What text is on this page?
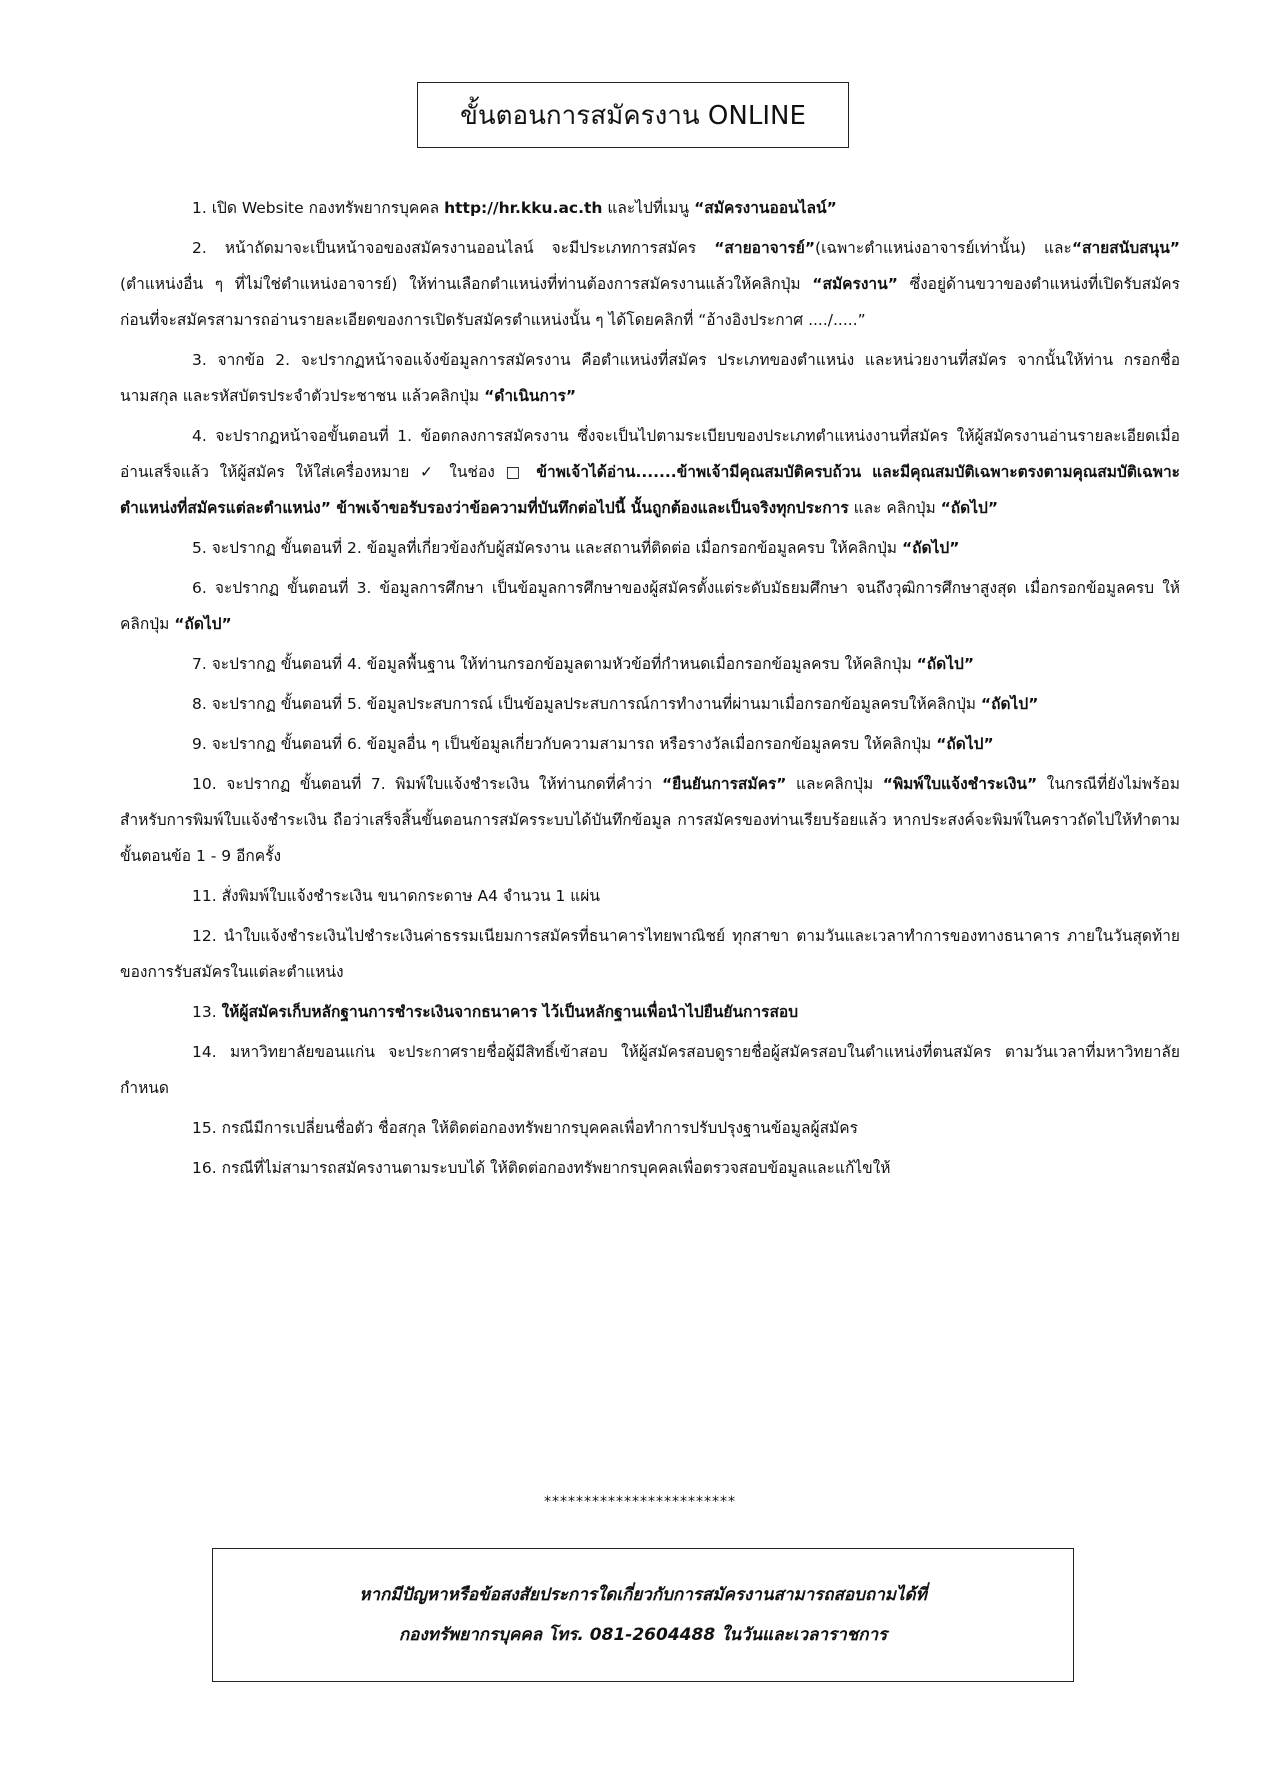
ขั้นตอนการสมัครงาน ONLINE

1. เปิด Website กองทรัพยากรบุคคล http://hr.kku.ac.th และไปที่เมนู “สมัครงานออนไลน์”

2. หน้าถัดมาจะเป็นหน้าจอของสมัครงานออนไลน์ จะมีประเภทการสมัคร “สายอาจารย์”(เฉพาะตำแหน่งอาจารย์เท่านั้น) และ“สายสนับสนุน” (ตำแหน่งอื่น ๆ ที่ไม่ใช่ตำแหน่งอาจารย์) ให้ท่านเลือกตำแหน่งที่ท่านต้องการสมัครงานแล้วให้คลิกปุ่ม “สมัครงาน” ซึ่งอยู่ด้านขวาของตำแหน่งที่เปิดรับสมัคร ก่อนที่จะสมัครสามารถอ่านรายละเอียดของการเปิดรับสมัครตำแหน่งนั้น ๆ ได้โดยคลิกที่ “อ้างอิงประกาศ ..../.....”

3. จากข้อ 2. จะปรากฏหน้าจอแจ้งข้อมูลการสมัครงาน คือตำแหน่งที่สมัคร ประเภทของตำแหน่ง และหน่วยงานที่สมัคร จากนั้นให้ท่าน กรอกชื่อ นามสกุล และรหัสบัตรประจำตัวประชาชน แล้วคลิกปุ่ม “ดำเนินการ”

4. จะปรากฏหน้าจอขั้นตอนที่ 1. ข้อตกลงการสมัครงาน ซึ่งจะเป็นไปตามระเบียบของประเภทตำแหน่งงานที่สมัคร ให้ผู้สมัครงานอ่านรายละเอียดเมื่ออ่านเสร็จแล้ว ให้ผู้สมัคร ให้ใส่เครื่องหมาย ✓ ในช่อง □ ข้าพเจ้าได้อ่าน.......ข้าพเจ้ามีคุณสมบัติครบถ้วน และมีคุณสมบัติเฉพาะตรงตามคุณสมบัติเฉพาะตำแหน่งที่สมัครแต่ละตำแหน่ง” ข้าพเจ้าขอรับรองว่าข้อความที่บันทึกต่อไปนี้ นั้นถูกต้องและเป็นจริงทุกประการ และ คลิกปุ่ม “ถัดไป”

5. จะปรากฏ ขั้นตอนที่ 2. ข้อมูลที่เกี่ยวข้องกับผู้สมัครงาน และสถานที่ติดต่อ เมื่อกรอกข้อมูลครบ ให้คลิกปุ่ม “ถัดไป”

6. จะปรากฏ ขั้นตอนที่ 3. ข้อมูลการศึกษา เป็นข้อมูลการศึกษาของผู้สมัครตั้งแต่ระดับมัธยมศึกษา จนถึงวุฒิการศึกษาสูงสุด เมื่อกรอกข้อมูลครบ ให้คลิกปุ่ม “ถัดไป”

7. จะปรากฏ ขั้นตอนที่ 4. ข้อมูลพื้นฐาน ให้ท่านกรอกข้อมูลตามหัวข้อที่กำหนดเมื่อกรอกข้อมูลครบ ให้คลิกปุ่ม “ถัดไป”

8. จะปรากฏ ขั้นตอนที่ 5. ข้อมูลประสบการณ์ เป็นข้อมูลประสบการณ์การทำงานที่ผ่านมาเมื่อกรอกข้อมูลครบให้คลิกปุ่ม “ถัดไป”

9. จะปรากฏ ขั้นตอนที่ 6. ข้อมูลอื่น ๆ เป็นข้อมูลเกี่ยวกับความสามารถ หรือรางวัลเมื่อกรอกข้อมูลครบ ให้คลิกปุ่ม “ถัดไป”

10. จะปรากฏ ขั้นตอนที่ 7. พิมพ์ใบแจ้งชำระเงิน ให้ท่านกดที่คำว่า “ยืนยันการสมัคร” และคลิกปุ่ม “พิมพ์ใบแจ้งชำระเงิน” ในกรณีที่ยังไม่พร้อมสำหรับการพิมพ์ใบแจ้งชำระเงิน ถือว่าเสร็จสิ้นขั้นตอนการสมัครระบบได้บันทึกข้อมูล การสมัครของท่านเรียบร้อยแล้ว หากประสงค์จะพิมพ์ในคราวถัดไปให้ทำตามขั้นตอนข้อ 1 - 9 อีกครั้ง

11. สั่งพิมพ์ใบแจ้งชำระเงิน ขนาดกระดาษ A4 จำนวน 1 แผ่น

12. นำใบแจ้งชำระเงินไปชำระเงินค่าธรรมเนียมการสมัครที่ธนาคารไทยพาณิชย์ ทุกสาขา ตามวันและเวลาทำการของทางธนาคาร ภายในวันสุดท้ายของการรับสมัครในแต่ละตำแหน่ง

13. ให้ผู้สมัครเก็บหลักฐานการชำระเงินจากธนาคาร ไว้เป็นหลักฐานเพื่อนำไปยืนยันการสอบ

14. มหาวิทยาลัยขอนแก่น จะประกาศรายชื่อผู้มีสิทธิ์เข้าสอบ ให้ผู้สมัครสอบดูรายชื่อผู้สมัครสอบในตำแหน่งที่ตนสมัคร ตามวันเวลาที่มหาวิทยาลัยกำหนด

15. กรณีมีการเปลี่ยนชื่อตัว ชื่อสกุล ให้ติดต่อกองทรัพยากรบุคคลเพื่อทำการปรับปรุงฐานข้อมูลผู้สมัคร

16. กรณีที่ไม่สามารถสมัครงานตามระบบได้ ให้ติดต่อกองทรัพยากรบุคคลเพื่อตรวจสอบข้อมูลและแก้ไขให้

************************
หากมีปัญหาหรือข้อสงสัยประการใดเกี่ยวกับการสมัครงานสามารถสอบถามได้ที่
กองทรัพยากรบุคคล โทร. 081-2604488 ในวันและเวลาราชการ
